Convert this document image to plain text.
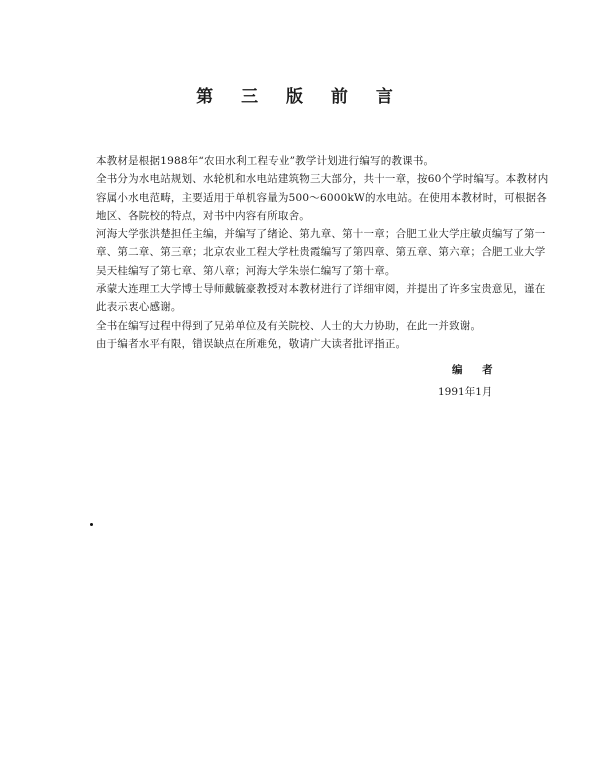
第 三 版 前 言

本教材是根据1988年“农田水利工程专业”教学计划进行编写的教课书。

全书分为水电站规划、水轮机和水电站建筑物三大部分，共十一章，按60个学时编写。本教材内容属小水电范畴，主要适用于单机容量为500～6000kW的水电站。在使用本教材时，可根据各地区、各院校的特点，对书中内容有所取舍。

河海大学张洪楚担任主编，并编写了绪论、第九章、第十一章；合肥工业大学庄敏贞编写了第一章、第二章、第三章；北京农业工程大学杜贵霞编写了第四章、第五章、第六章；合肥工业大学吴天桂编写了第七章、第八章；河海大学朱崇仁编写了第十章。

承蒙大连理工大学博士导师戴毓豪教授对本教材进行了详细审阅，并提出了许多宝贵意见，谨在此表示衷心感谢。

全书在编写过程中得到了兄弟单位及有关院校、人士的大力协助，在此一并致谢。

由于编者水平有限，错误缺点在所难免，敬请广大读者批评指正。

编 者
1991年1月
